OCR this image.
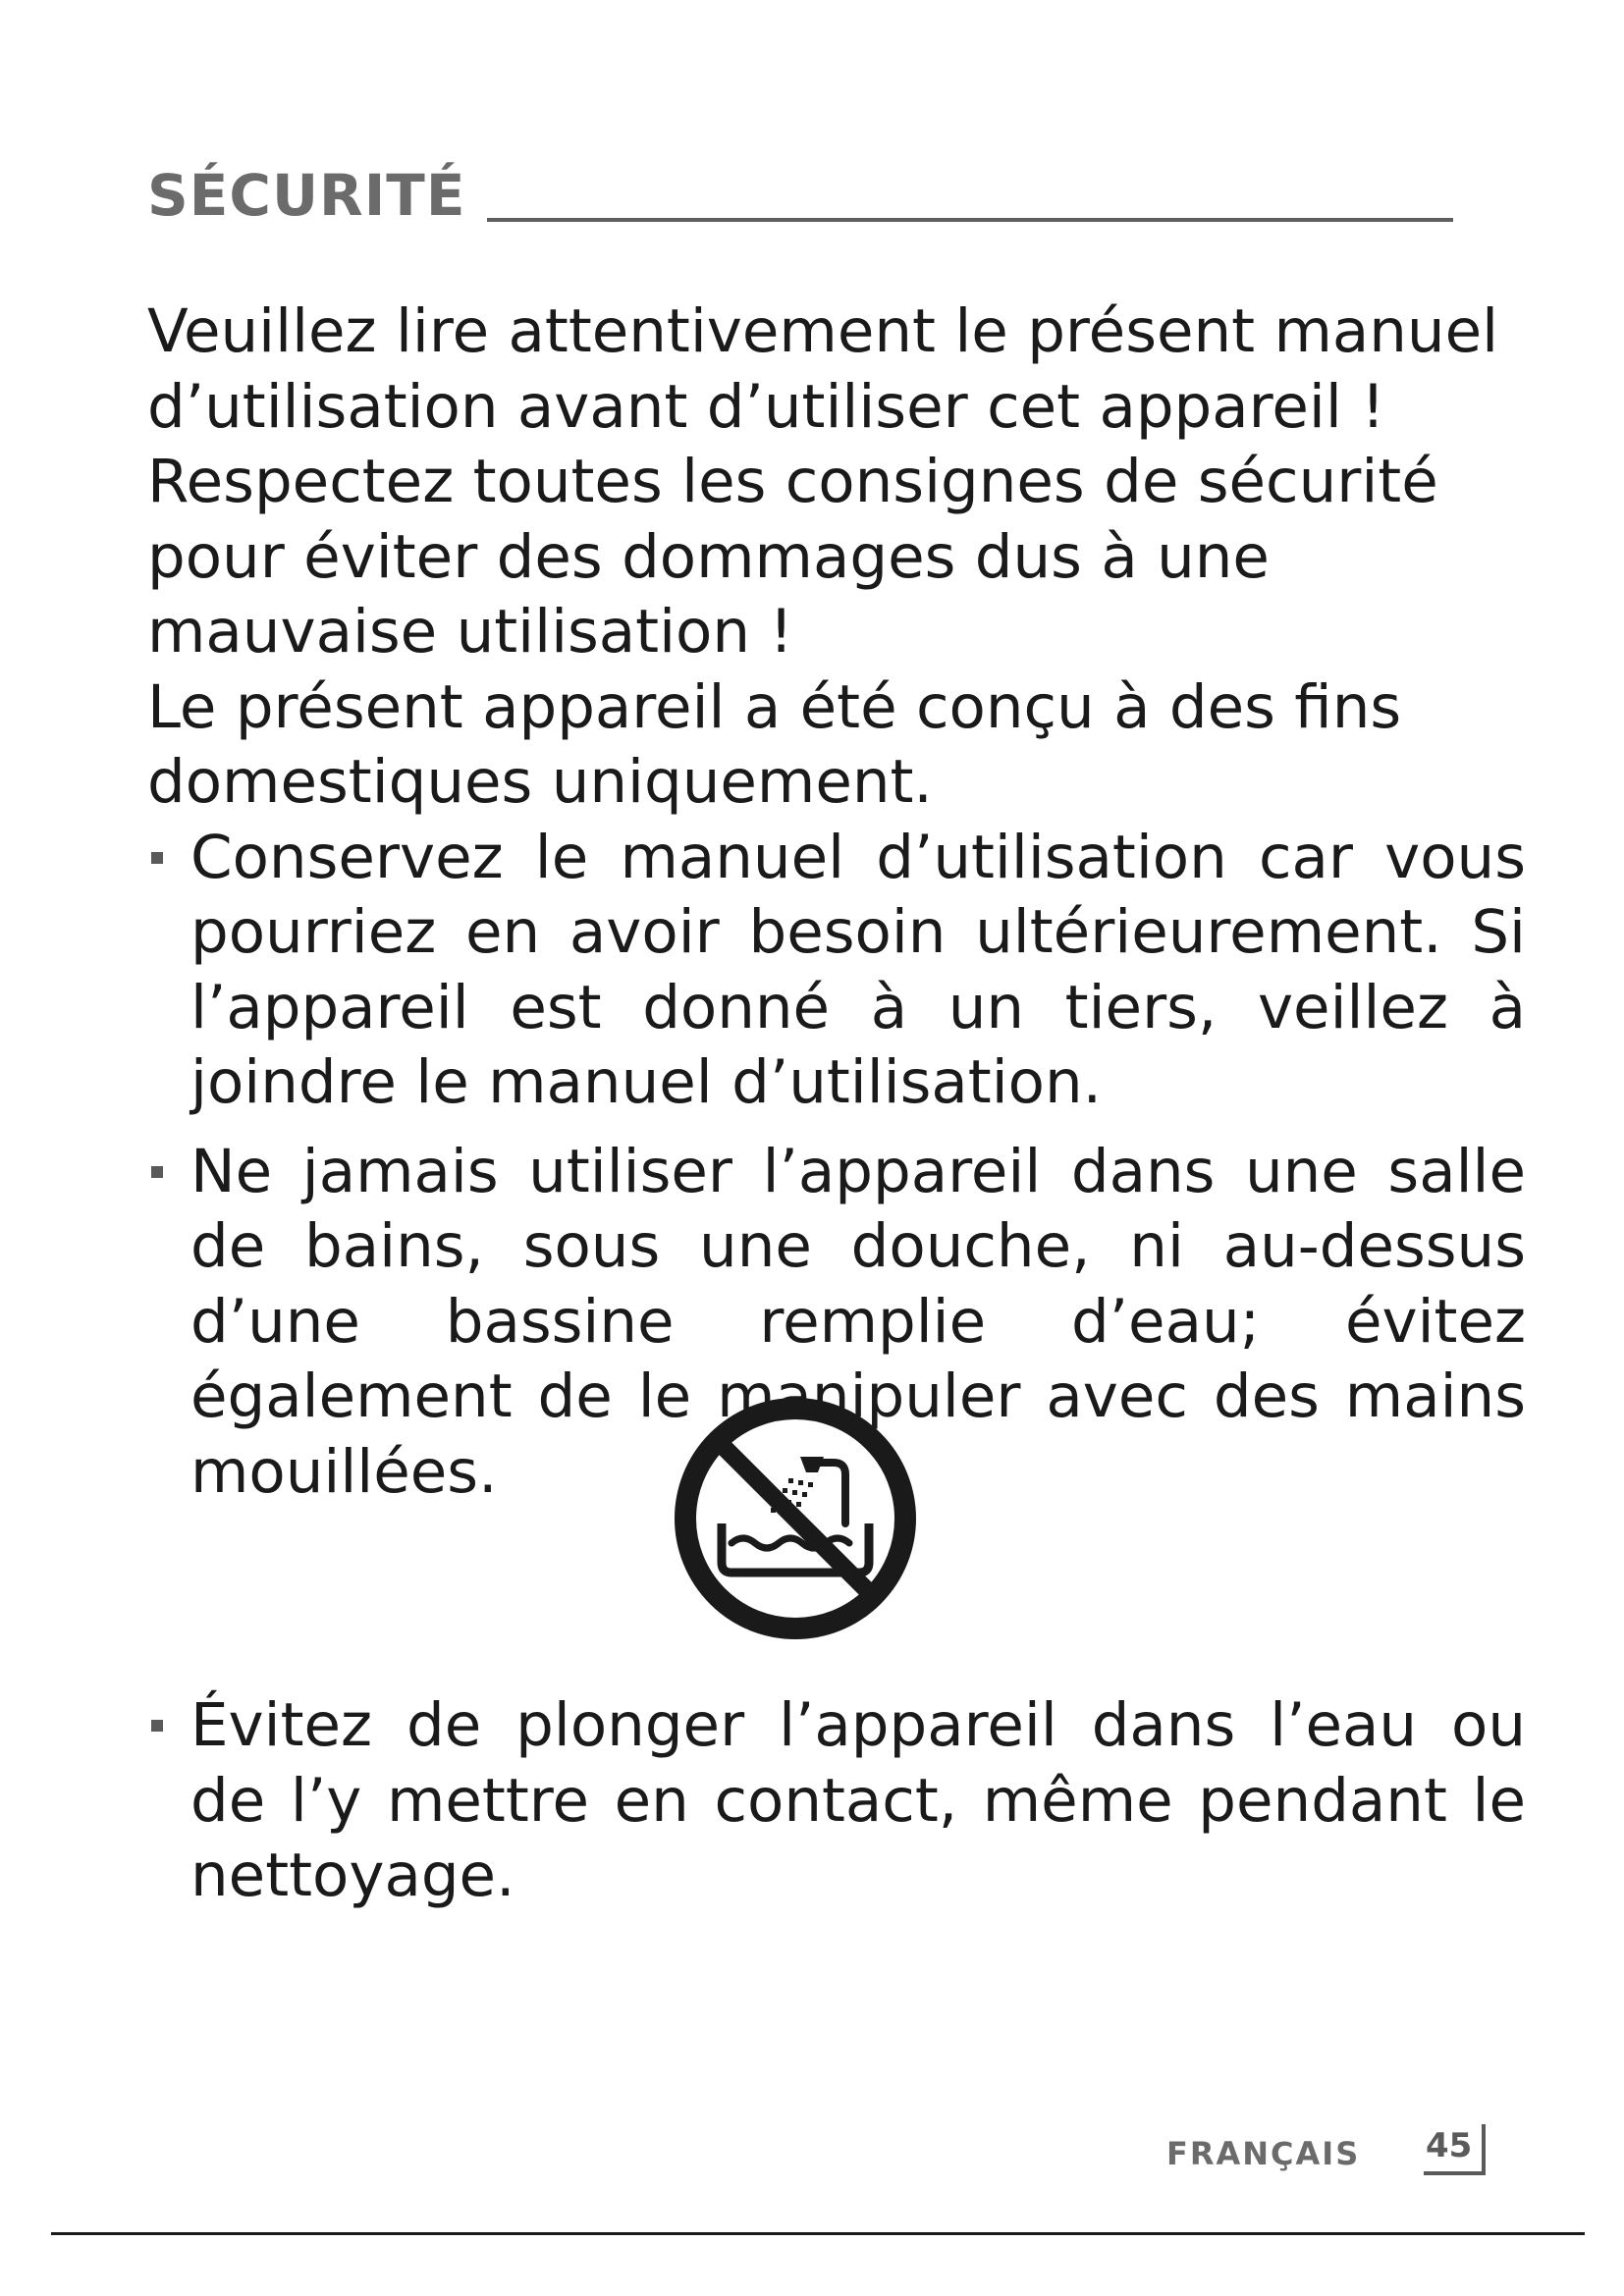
SÉCURITÉ

Veuillez lire attentivement le présent manuel d’utilisation avant d’utiliser cet appareil ! Respectez toutes les consignes de sécurité pour éviter des dommages dus à une mauvaise utilisation !

Le présent appareil a été conçu à des fins domestiques uniquement.

Conservez le manuel d’utilisation car vous pourriez en avoir besoin ultérieurement. Si l’appareil est donné à un tiers, veillez à joindre le manuel d’utilisation.
Ne jamais utiliser l’appareil dans une salle de bains, sous une douche, ni au-dessus d’une bassine remplie d’eau; évitez également de le manipuler avec des mains mouillées.
Évitez de plonger l’appareil dans l’eau ou de l’y mettre en contact, même pendant le nettoyage.
FRANÇAIS 45
